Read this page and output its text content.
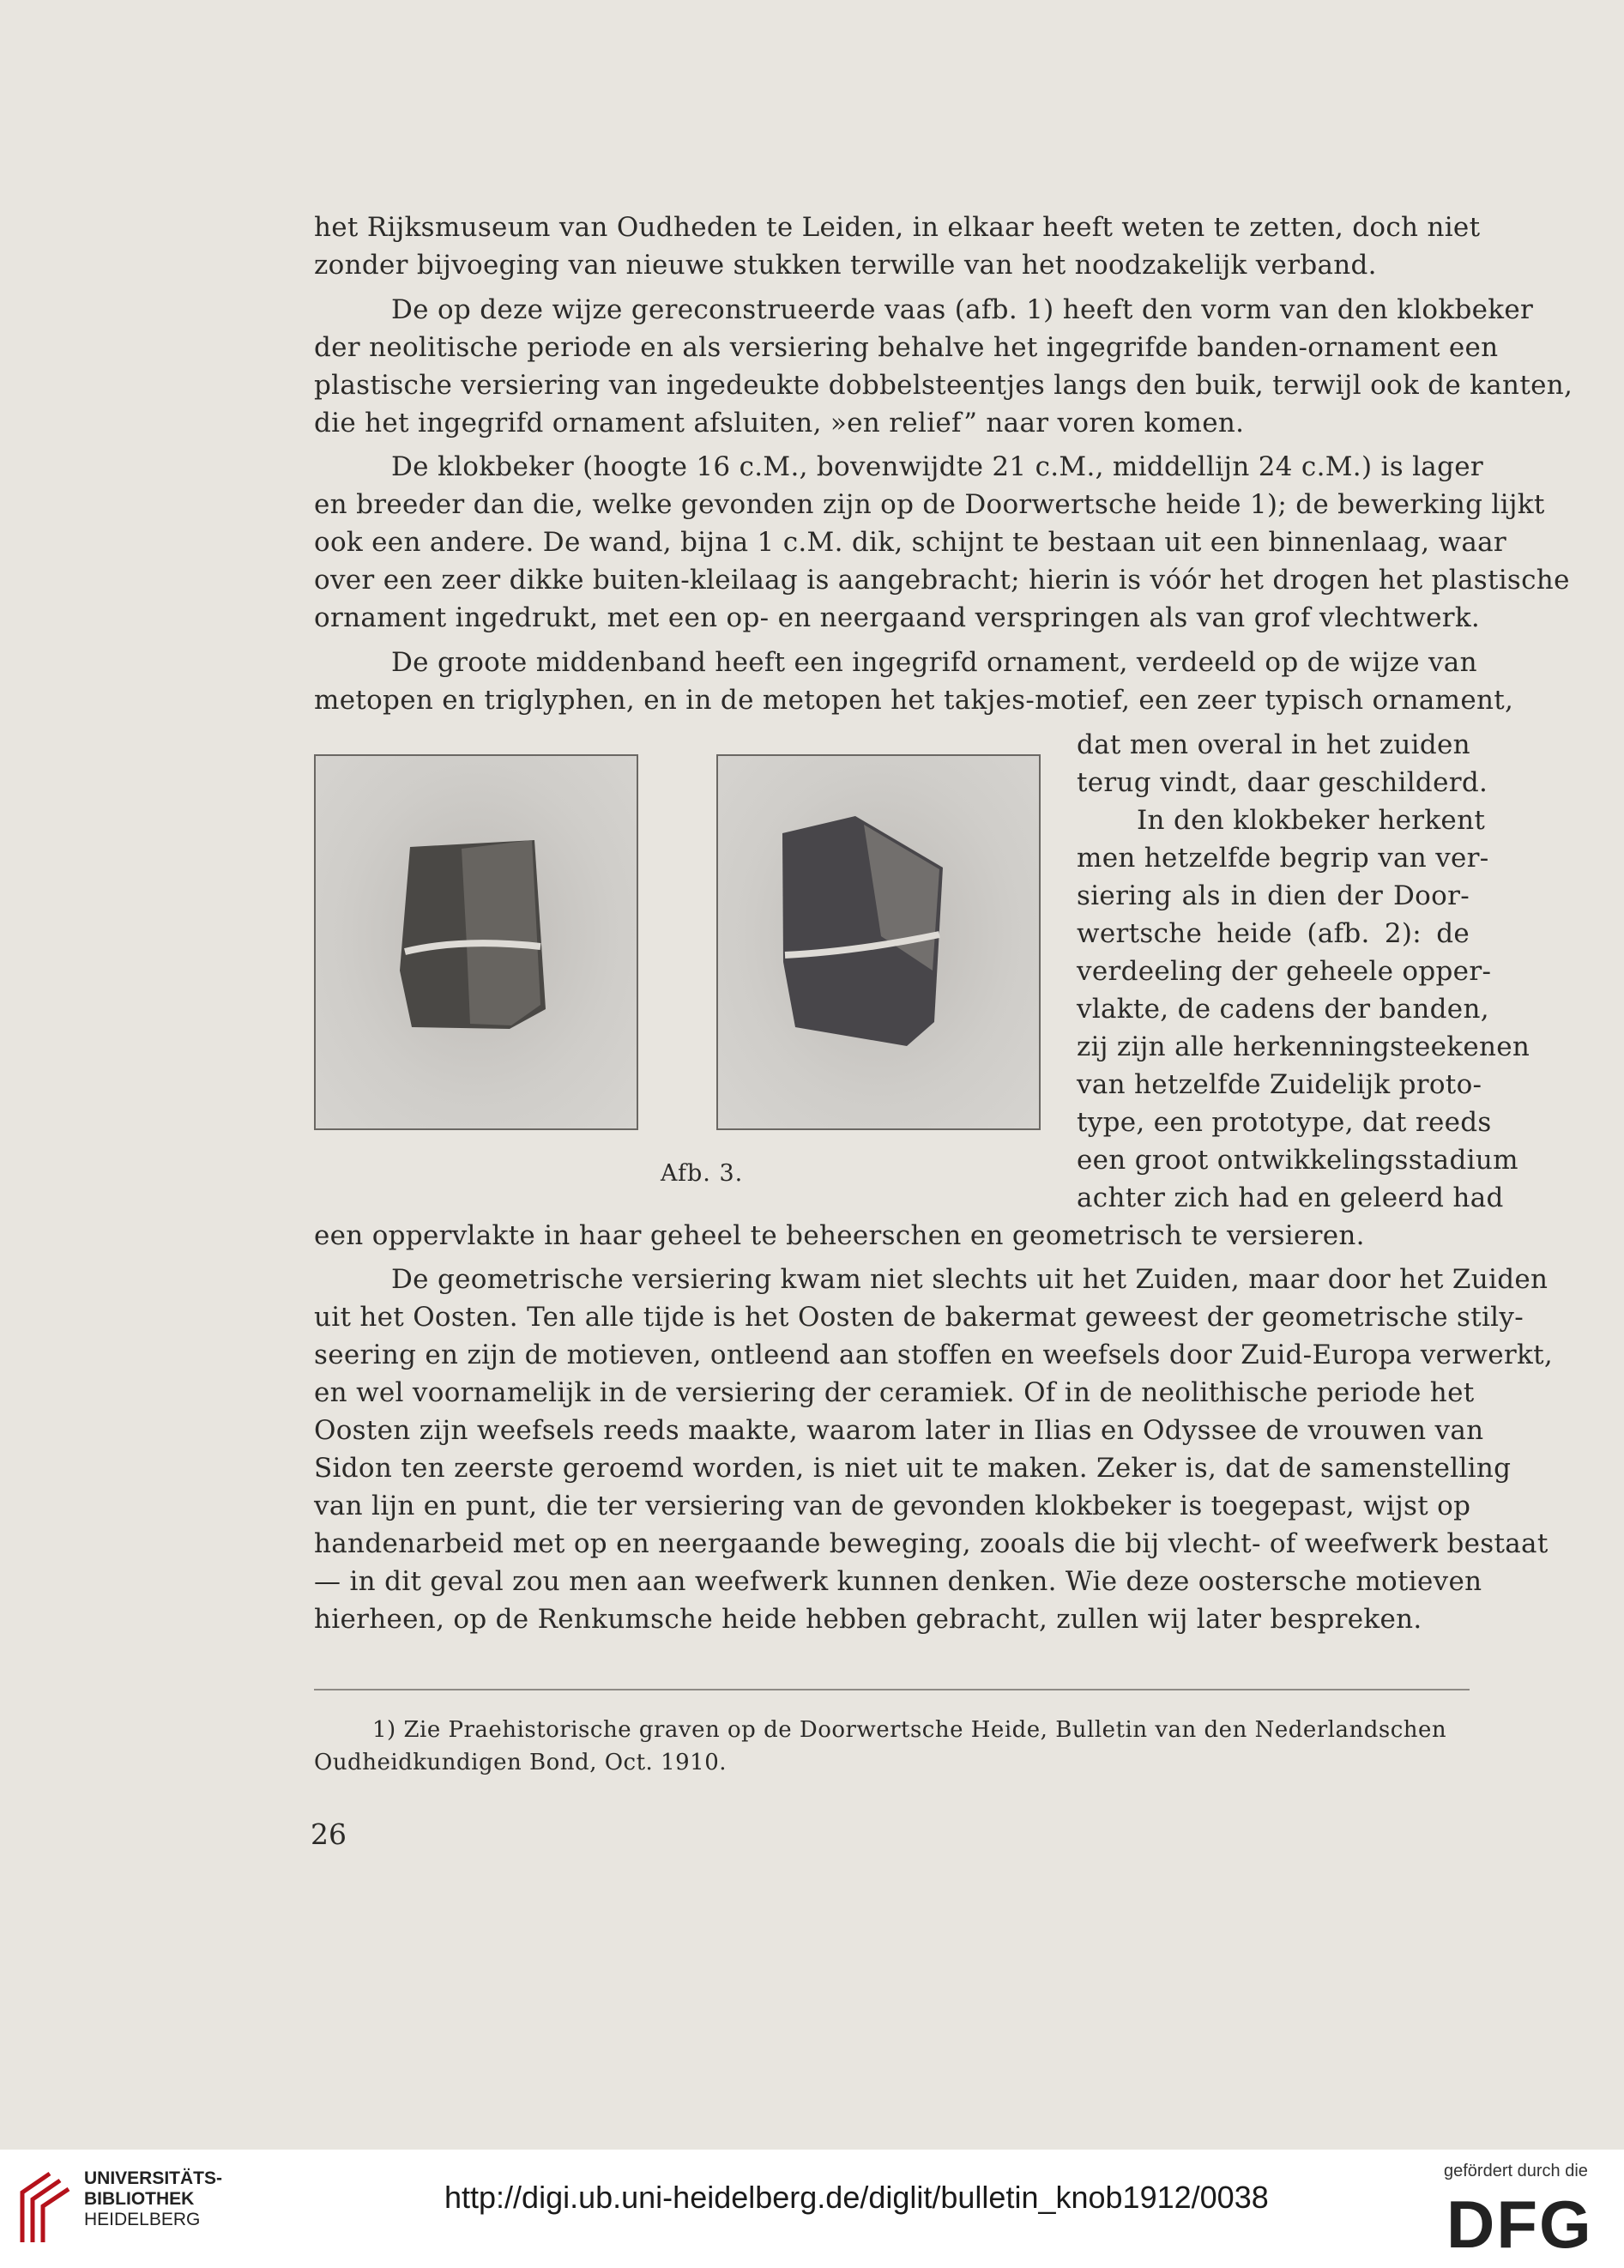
het Rijksmuseum van Oudheden te Leiden, in elkaar heeft weten te zetten, doch niet
zonder bijvoeging van nieuwe stukken terwille van het noodzakelijk verband.
De op deze wijze gereconstrueerde vaas (afb. 1) heeft den vorm van den klokbeker
der neolitische periode en als versiering behalve het ingegrifde banden-ornament een
plastische versiering van ingedeukte dobbelsteentjes langs den buik, terwijl ook de kanten,
die het ingegrifd ornament afsluiten, »en relief” naar voren komen.
De klokbeker (hoogte 16 c.M., bovenwijdte 21 c.M., middellijn 24 c.M.) is lager
en breeder dan die, welke gevonden zijn op de Doorwertsche heide 1); de bewerking lijkt
ook een andere. De wand, bijna 1 c.M. dik, schijnt te bestaan uit een binnenlaag, waar
over een zeer dikke buiten-kleilaag is aangebracht; hierin is vóór het drogen het plastische
ornament ingedrukt, met een op- en neergaand verspringen als van grof vlechtwerk.
De groote middenband heeft een ingegrifd ornament, verdeeld op de wijze van
metopen en triglyphen, en in de metopen het takjes-motief, een zeer typisch ornament,
Afb. 3.
dat men overal in het zuiden
terug vindt, daar geschilderd.
In den klokbeker herkent
men hetzelfde begrip van ver-
siering als in dien der Door-
wertsche heide (afb. 2): de
verdeeling der geheele opper-
vlakte, de cadens der banden,
zij zijn alle herkenningsteekenen
van hetzelfde Zuidelijk proto-
type, een prototype, dat reeds
een groot ontwikkelingsstadium
achter zich had en geleerd had
een oppervlakte in haar geheel te beheerschen en geometrisch te versieren.
De geometrische versiering kwam niet slechts uit het Zuiden, maar door het Zuiden
uit het Oosten. Ten alle tijde is het Oosten de bakermat geweest der geometrische stily-
seering en zijn de motieven, ontleend aan stoffen en weefsels door Zuid-Europa verwerkt,
en wel voornamelijk in de versiering der ceramiek. Of in de neolithische periode het
Oosten zijn weefsels reeds maakte, waarom later in Ilias en Odyssee de vrouwen van
Sidon ten zeerste geroemd worden, is niet uit te maken. Zeker is, dat de samenstelling
van lijn en punt, die ter versiering van de gevonden klokbeker is toegepast, wijst op
handenarbeid met op en neergaande beweging, zooals die bij vlecht- of weefwerk bestaat
— in dit geval zou men aan weefwerk kunnen denken. Wie deze oostersche motieven
hierheen, op de Renkumsche heide hebben gebracht, zullen wij later bespreken.
1) Zie Praehistorische graven op de Doorwertsche Heide, Bulletin van den Nederlandschen
Oudheidkundigen Bond, Oct. 1910.
26
UNIVERSITÄTS-
BIBLIOTHEK
HEIDELBERG
http://digi.ub.uni-heidelberg.de/diglit/bulletin_knob1912/0038
gefördert durch die
DFG
